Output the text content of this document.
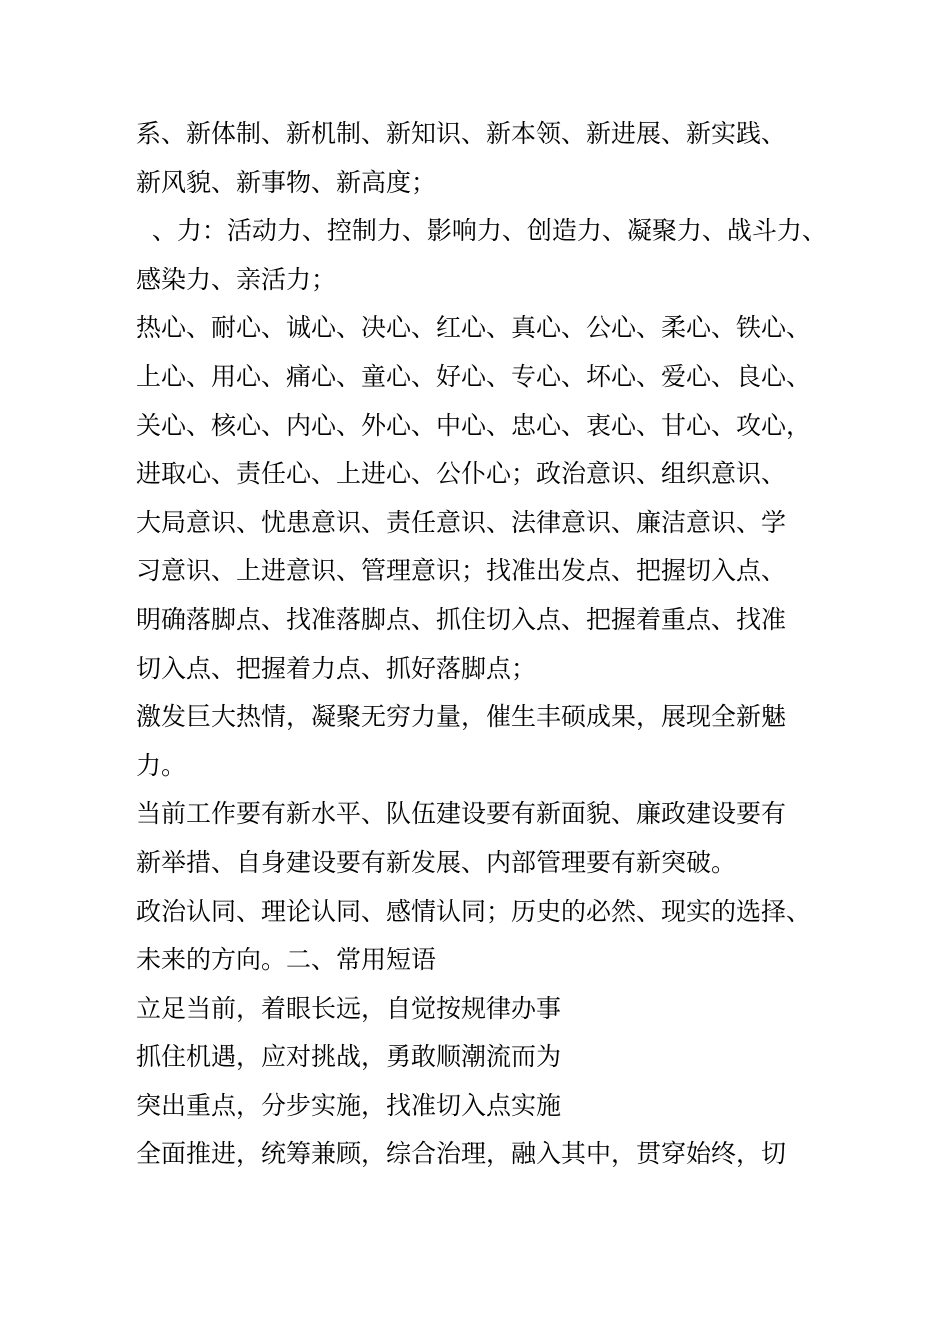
系、新体制、新机制、新知识、新本领、新进展、新实践、
新风貌、新事物、新高度；
、力：活动力、控制力、影响力、创造力、凝聚力、战斗力、
感染力、亲活力；
热心、耐心、诚心、决心、红心、真心、公心、柔心、铁心、
上心、用心、痛心、童心、好心、专心、坏心、爱心、良心、
关心、核心、内心、外心、中心、忠心、衷心、甘心、攻心，
进取心、责任心、上进心、公仆心；政治意识、组织意识、
大局意识、忧患意识、责任意识、法律意识、廉洁意识、学
习意识、上进意识、管理意识；找准出发点、把握切入点、
明确落脚点、找准落脚点、抓住切入点、把握着重点、找准
切入点、把握着力点、抓好落脚点；
激发巨大热情，凝聚无穷力量，催生丰硕成果，展现全新魅
力。
当前工作要有新水平、队伍建设要有新面貌、廉政建设要有
新举措、自身建设要有新发展、内部管理要有新突破。
政治认同、理论认同、感情认同；历史的必然、现实的选择、
未来的方向。二、常用短语
立足当前，着眼长远，自觉按规律办事
抓住机遇，应对挑战，勇敢顺潮流而为
突出重点，分步实施，找准切入点实施
全面推进，统筹兼顾，综合治理，融入其中，贯穿始终，切
